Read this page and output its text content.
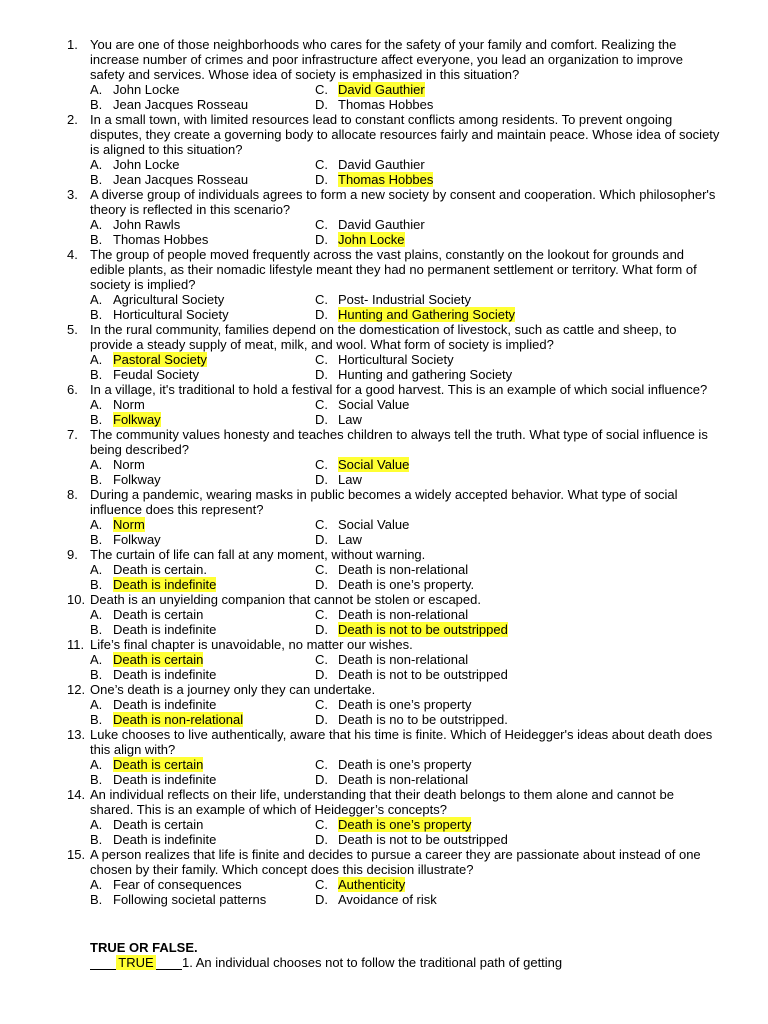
1. You are one of those neighborhoods who cares for the safety of your family and comfort. Realizing the increase number of crimes and poor infrastructure affect everyone, you lead an organization to improve safety and services. Whose idea of society is emphasized in this situation?
A. John Locke	C. David Gauthier
B. Jean Jacques Rosseau	D. Thomas Hobbes
2. In a small town, with limited resources lead to constant conflicts among residents. To prevent ongoing disputes, they create a governing body to allocate resources fairly and maintain peace. Whose idea of society is aligned to this situation?
A. John Locke	C. David Gauthier
B. Jean Jacques Rosseau	D. Thomas Hobbes
3. A diverse group of individuals agrees to form a new society by consent and cooperation. Which philosopher's theory is reflected in this scenario?
A. John Rawls	C. David Gauthier
B. Thomas Hobbes	D. John Locke
4. The group of people moved frequently across the vast plains, constantly on the lookout for grounds and edible plants, as their nomadic lifestyle meant they had no permanent settlement or territory. What form of society is implied?
A. Agricultural Society	C. Post- Industrial Society
B. Horticultural Society	D. Hunting and Gathering Society
5. In the rural community, families depend on the domestication of livestock, such as cattle and sheep, to provide a steady supply of meat, milk, and wool. What form of society is implied?
A. Pastoral Society	C. Horticultural Society
B. Feudal Society	D. Hunting and gathering Society
6. In a village, it's traditional to hold a festival for a good harvest. This is an example of which social influence?
A. Norm	C. Social Value
B. Folkway	D. Law
7. The community values honesty and teaches children to always tell the truth. What type of social influence is being described?
A. Norm	C. Social Value
B. Folkway	D. Law
8. During a pandemic, wearing masks in public becomes a widely accepted behavior. What type of social influence does this represent?
A. Norm	C. Social Value
B. Folkway	D. Law
9. The curtain of life can fall at any moment, without warning.
A. Death is certain.	C. Death is non-relational
B. Death is indefinite	D. Death is one’s property.
10. Death is an unyielding companion that cannot be stolen or escaped.
A. Death is certain	C. Death is non-relational
B. Death is indefinite	D. Death is not to be outstripped
11. Life’s final chapter is unavoidable, no matter our wishes.
A. Death is certain	C. Death is non-relational
B. Death is indefinite	D. Death is not to be outstripped
12. One’s death is a journey only they can undertake.
A. Death is indefinite	C. Death is one’s property
B. Death is non-relational	D. Death is no to be outstripped.
13. Luke chooses to live authentically, aware that his time is finite. Which of Heidegger's ideas about death does this align with?
A. Death is certain	C. Death is one’s property
B. Death is indefinite	D. Death is non-relational
14. An individual reflects on their life, understanding that their death belongs to them alone and cannot be shared. This is an example of which of Heidegger’s concepts?
A. Death is certain	C. Death is one’s property
B. Death is indefinite	D. Death is not to be outstripped
15. A person realizes that life is finite and decides to pursue a career they are passionate about instead of one chosen by their family. Which concept does this decision illustrate?
A. Fear of consequences	C. Authenticity
B. Following societal patterns	D. Avoidance of risk
TRUE OR FALSE.
TRUE 1. An individual chooses not to follow the traditional path of getting
